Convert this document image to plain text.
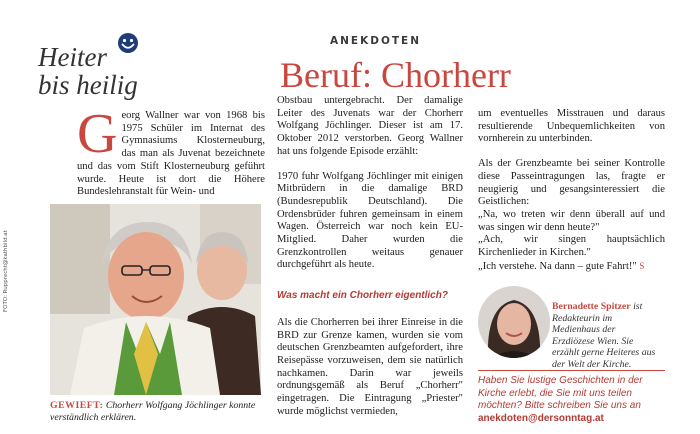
Heiter
bis heilig
ANEKDOTEN
Beruf: Chorherr

G eorg Wallner war von 1968 bis 1975 Schüler im Internat des Gymnasiums Klosterneuburg, das man als Juvenat bezeichnete und das vom Stift Klosterneuburg geführt wurde. Heute ist dort die Höhere Bundeslehranstalt für Wein- und

GEWIEFT: Chorherr Wolfgang Jöchlinger konnte verständlich erklären.
FOTO: Rupprecht@kathbild.at

Obstbau untergebracht. Der damalige Leiter des Juvenats war der Chorherr Wolfgang Jöchlinger. Dieser ist am 17. Oktober 2012 verstorben. Georg Wallner hat uns folgende Episode erzählt:

1970 fuhr Wolfgang Jöchlinger mit einigen Mitbrüdern in die damalige BRD (Bundesrepublik Deutschland). Die Ordensbrüder fuhren gemeinsam in einem Wagen. Österreich war noch kein EU-Mitglied. Daher wurden die Grenzkontrollen weitaus genauer durchgeführt als heute.

Was macht ein Chorherr eigentlich?

Als die Chorherren bei ihrer Einreise in die BRD zur Grenze kamen, wurden sie vom deutschen Grenzbeamten aufgefordert, ihre Reisepässe vorzuweisen, dem sie natürlich nachkamen. Darin war jeweils ordnungsgemäß als Beruf „Chorherr" eingetragen. Die Eintragung „Priester" wurde möglichst vermieden,

um eventuelles Misstrauen und daraus resultierende Unbequemlichkeiten von vornherein zu unterbinden.

Als der Grenzbeamte bei seiner Kontrolle diese Passeintragungen las, fragte er neugierig und gesangsinteressiert die Geistlichen:

„Na, wo treten wir denn überall auf und was singen wir denn heute?"

„Ach, wir singen hauptsächlich Kirchenlieder in Kirchen."

„Ich verstehe. Na dann – gute Fahrt!" S

Bernadette Spitzer ist Redakteurin im Medienhaus der Erzdiözese Wien. Sie erzählt gerne Heiteres aus der Welt der Kirche.
Haben Sie lustige Geschichten in der Kirche erlebt, die Sie mit uns teilen möchten? Bitte schreiben Sie uns an anekdoten@dersonntag.at
